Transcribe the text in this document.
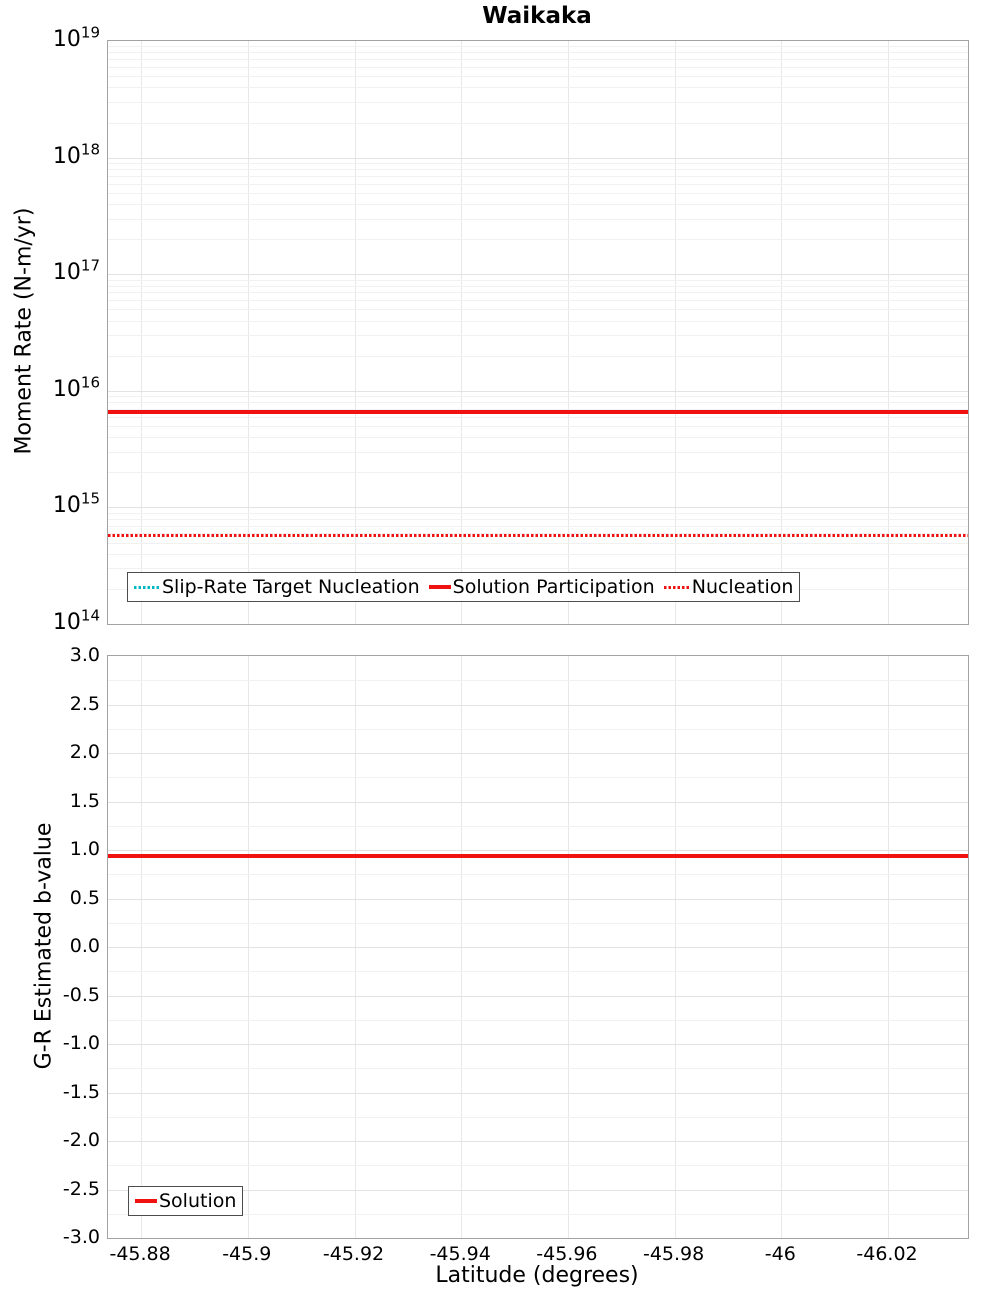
Waikaka
Moment Rate (N-m/yr)
G-R Estimated b-value
Latitude (degrees)
Slip-Rate Target Nucleation Solution Participation Nucleation
Solution
$10^{19}$
$10^{18}$
$10^{17}$
$10^{16}$
$10^{15}$
$10^{14}$
3.0
2.5
2.0
1.5
1.0
0.5
0.0
-0.5
-1.0
-1.5
-2.0
-2.5
-3.0
-45.88	-45.9	-45.92	-45.94	-45.96	-45.98	-46	-46.02
